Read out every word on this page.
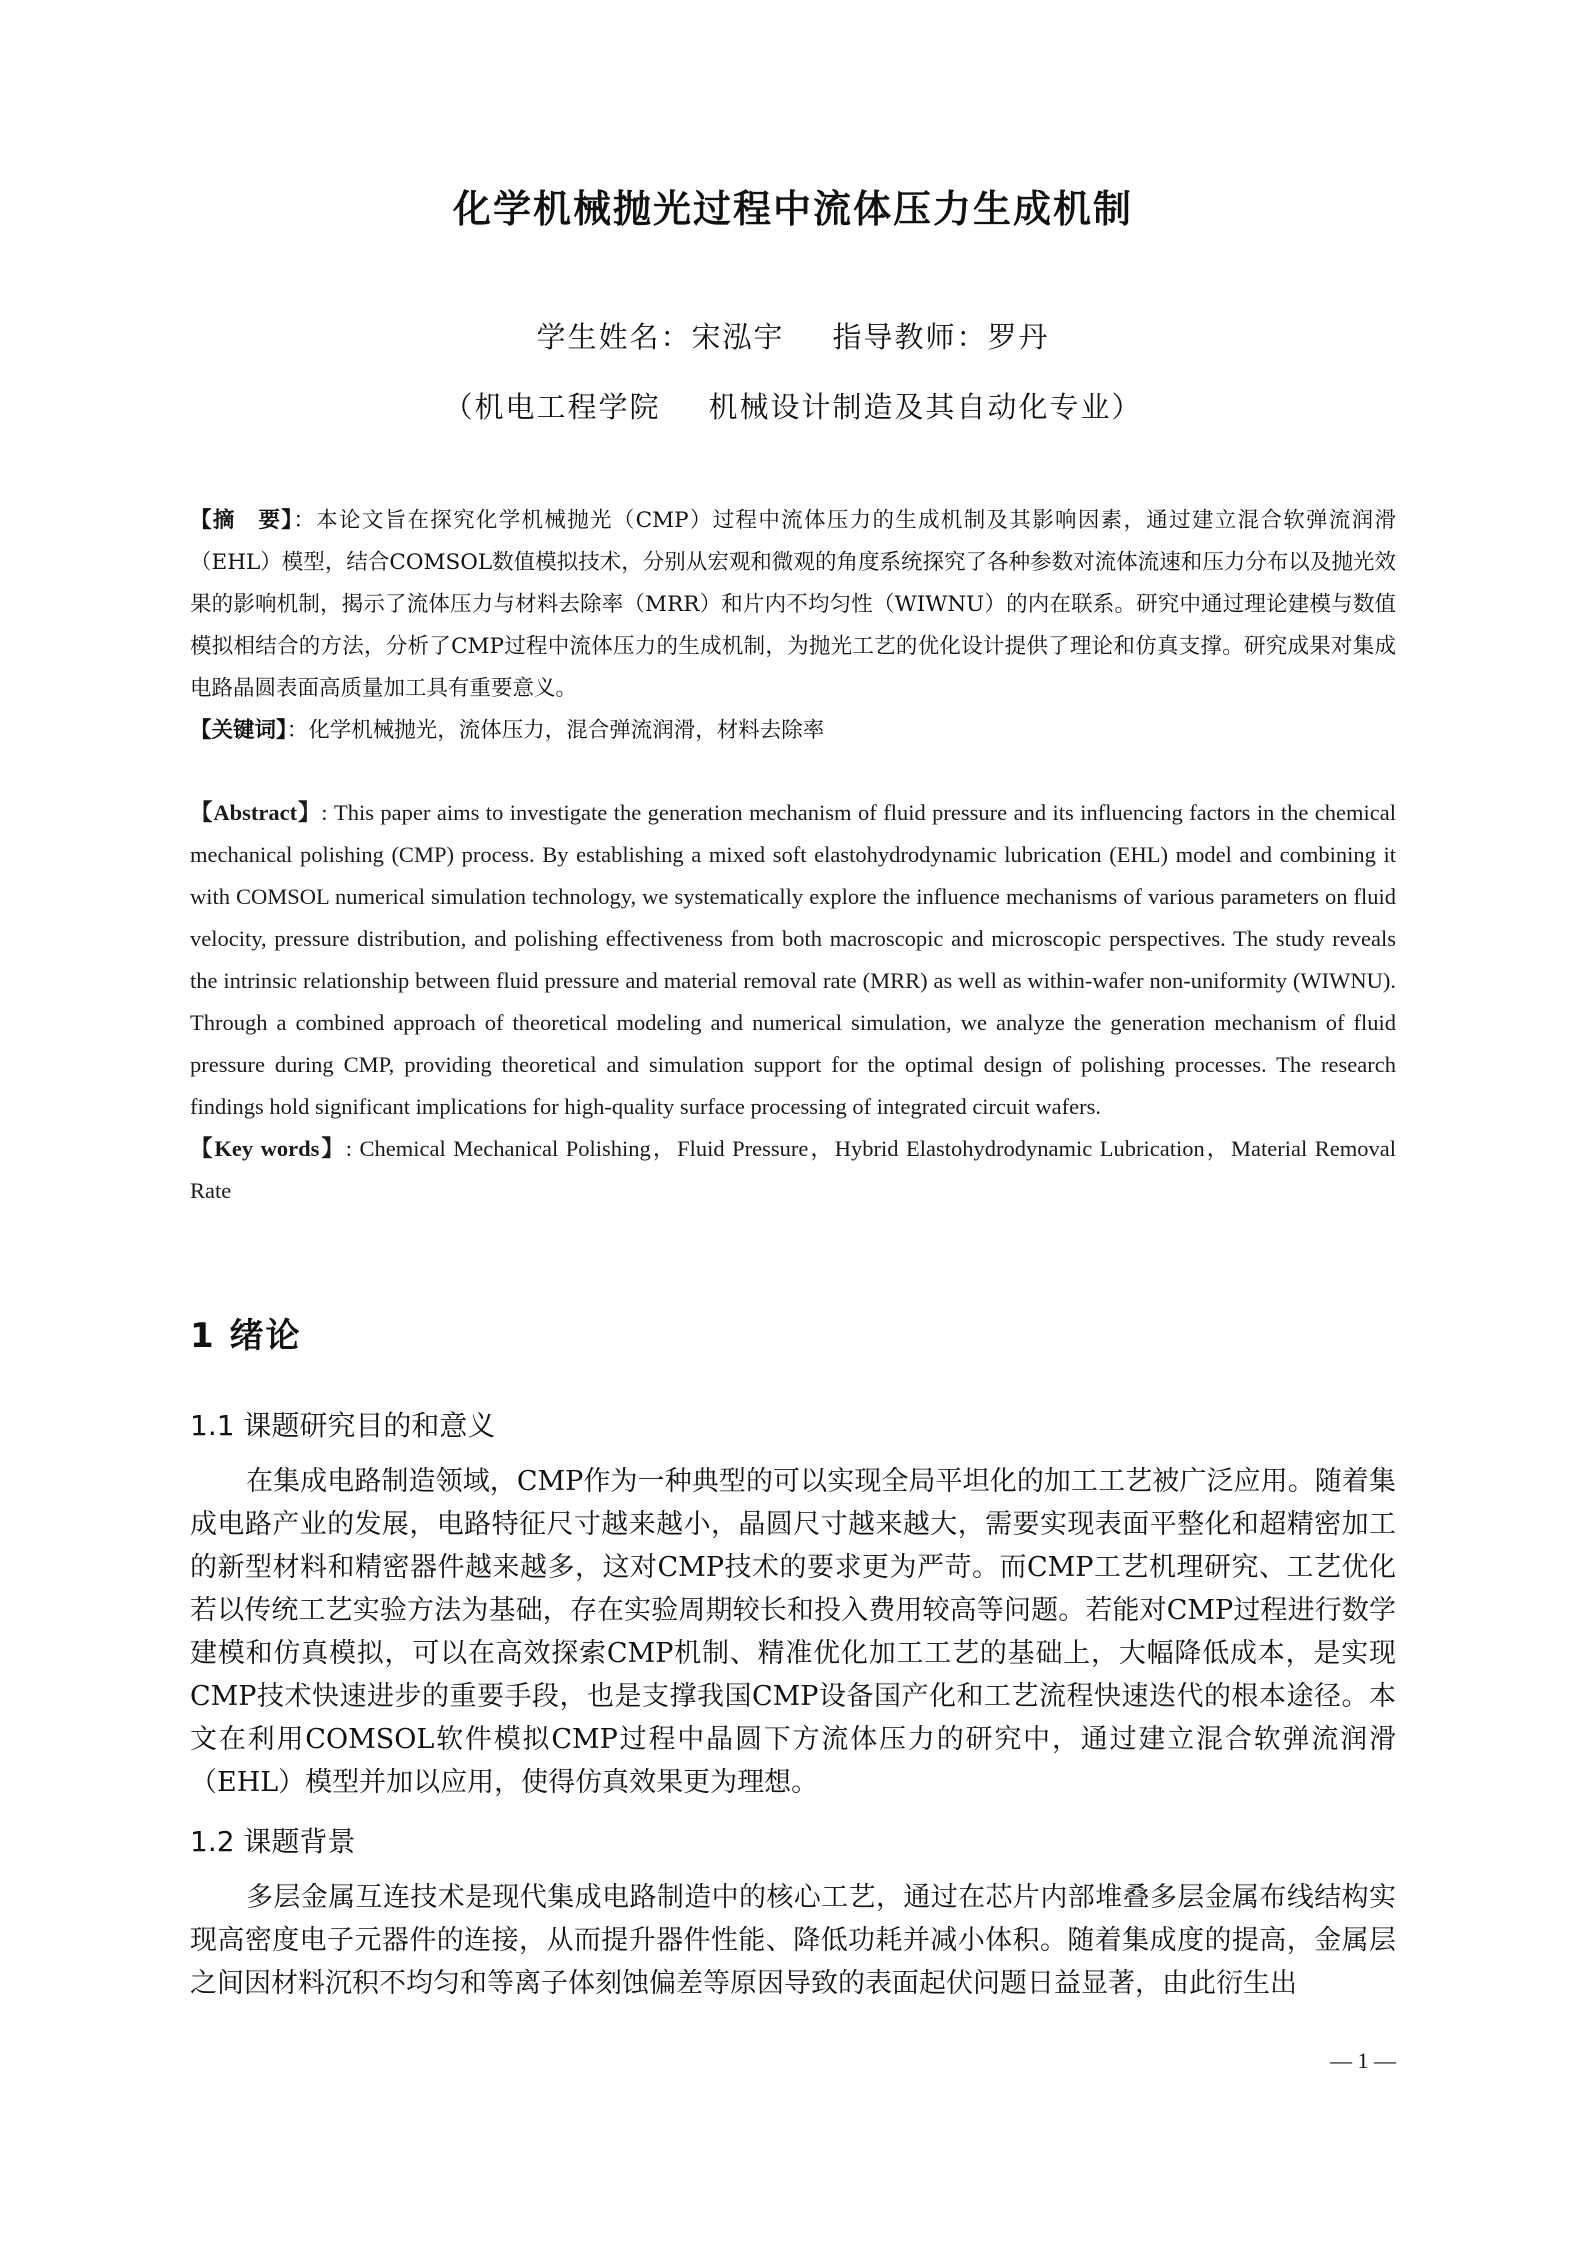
化学机械抛光过程中流体压力生成机制
学生姓名：宋泓宇 指导教师：罗丹
（机电工程学院 机械设计制造及其自动化专业）
【摘　要】：本论文旨在探究化学机械抛光（CMP）过程中流体压力的生成机制及其影响因素，通过建立混合软弹流润滑（EHL）模型，结合COMSOL数值模拟技术，分别从宏观和微观的角度系统探究了各种参数对流体流速和压力分布以及抛光效果的影响机制，揭示了流体压力与材料去除率（MRR）和片内不均匀性（WIWNU）的内在联系。研究中通过理论建模与数值模拟相结合的方法，分析了CMP过程中流体压力的生成机制，为抛光工艺的优化设计提供了理论和仿真支撑。研究成果对集成电路晶圆表面高质量加工具有重要意义。
【关键词】：化学机械抛光，流体压力，混合弹流润滑，材料去除率
【Abstract】: This paper aims to investigate the generation mechanism of fluid pressure and its influencing factors in the chemical mechanical polishing (CMP) process. By establishing a mixed soft elastohydrodynamic lubrication (EHL) model and combining it with COMSOL numerical simulation technology, we systematically explore the influence mechanisms of various parameters on fluid velocity, pressure distribution, and polishing effectiveness from both macroscopic and microscopic perspectives. The study reveals the intrinsic relationship between fluid pressure and material removal rate (MRR) as well as within-wafer non-uniformity (WIWNU). Through a combined approach of theoretical modeling and numerical simulation, we analyze the generation mechanism of fluid pressure during CMP, providing theoretical and simulation support for the optimal design of polishing processes. The research findings hold significant implications for high-quality surface processing of integrated circuit wafers.
【Key words】: Chemical Mechanical Polishing，Fluid Pressure，Hybrid Elastohydrodynamic Lubrication，Material Removal Rate
1 绪论
1.1 课题研究目的和意义
在集成电路制造领域，CMP作为一种典型的可以实现全局平坦化的加工工艺被广泛应用。随着集成电路产业的发展，电路特征尺寸越来越小，晶圆尺寸越来越大，需要实现表面平整化和超精密加工的新型材料和精密器件越来越多，这对CMP技术的要求更为严苛。而CMP工艺机理研究、工艺优化若以传统工艺实验方法为基础，存在实验周期较长和投入费用较高等问题。若能对CMP过程进行数学建模和仿真模拟，可以在高效探索CMP机制、精准优化加工工艺的基础上，大幅降低成本，是实现CMP技术快速进步的重要手段，也是支撑我国CMP设备国产化和工艺流程快速迭代的根本途径。本文在利用COMSOL软件模拟CMP过程中晶圆下方流体压力的研究中，通过建立混合软弹流润滑（EHL）模型并加以应用，使得仿真效果更为理想。
1.2 课题背景
多层金属互连技术是现代集成电路制造中的核心工艺，通过在芯片内部堆叠多层金属布线结构实现高密度电子元器件的连接，从而提升器件性能、降低功耗并减小体积。随着集成度的提高，金属层之间因材料沉积不均匀和等离子体刻蚀偏差等原因导致的表面起伏问题日益显著，由此衍生出
— 1 —
